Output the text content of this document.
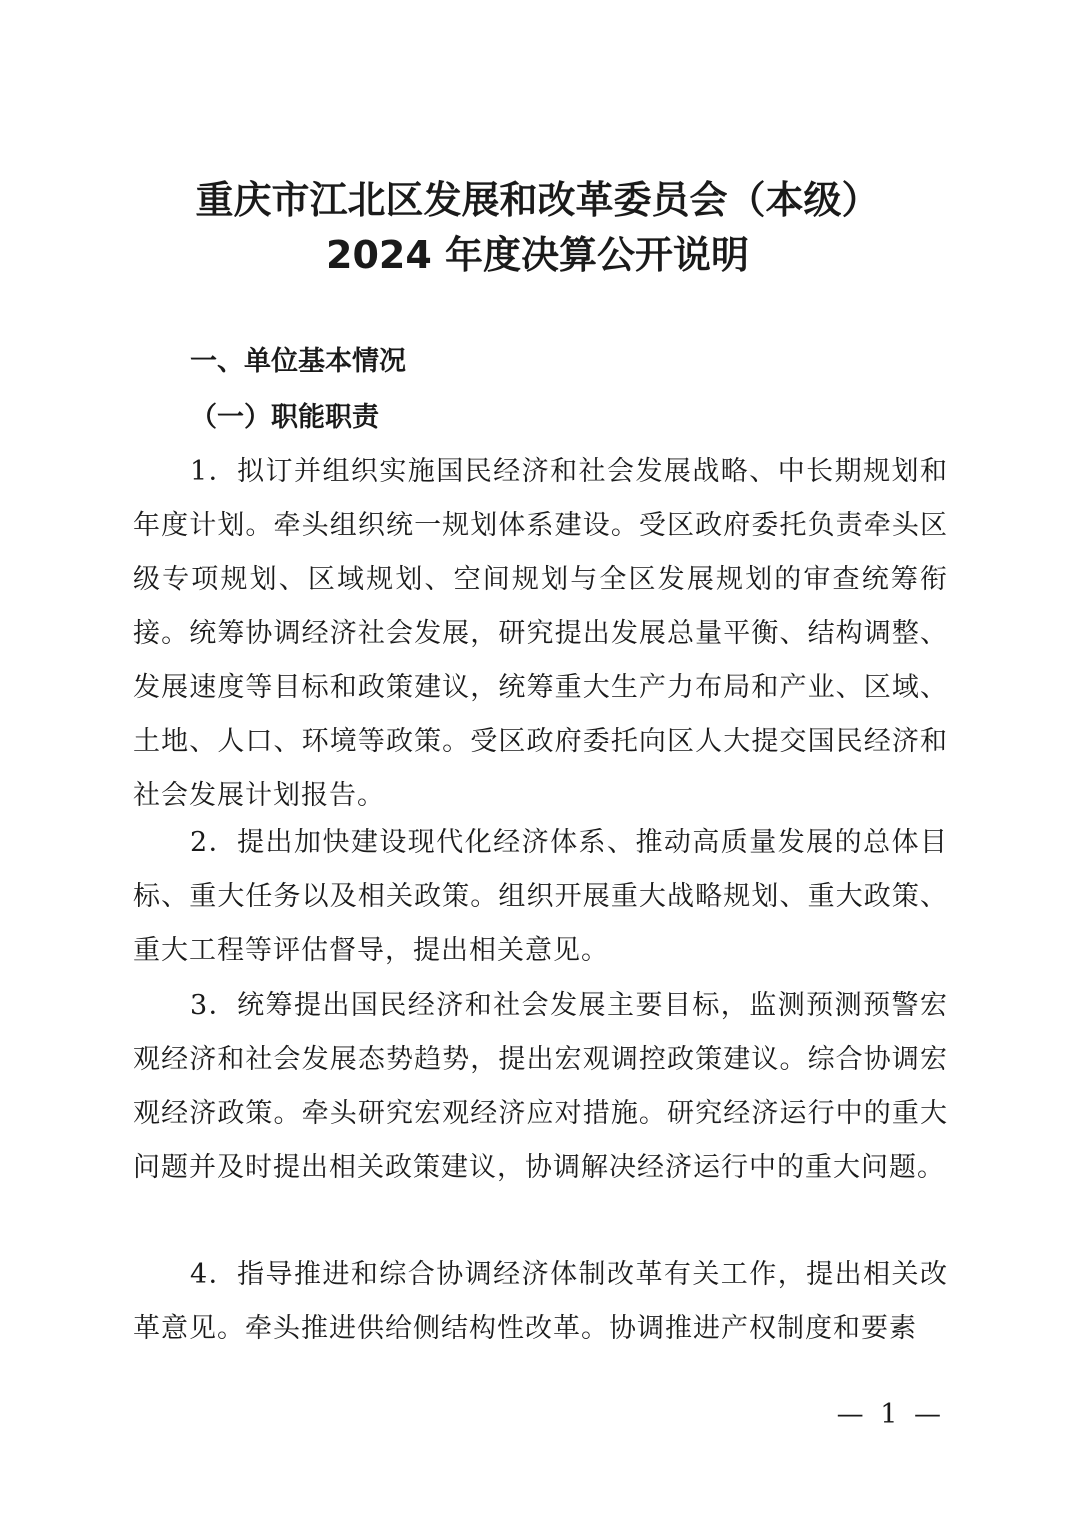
重庆市江北区发展和改革委员会（本级）
2024 年度决算公开说明
一、单位基本情况
（一）职能职责

1．拟订并组织实施国民经济和社会发展战略、中长期规划和年度计划。牵头组织统一规划体系建设。受区政府委托负责牵头区级专项规划、区域规划、空间规划与全区发展规划的审查统筹衔接。统筹协调经济社会发展，研究提出发展总量平衡、结构调整、发展速度等目标和政策建议，统筹重大生产力布局和产业、区域、土地、人口、环境等政策。受区政府委托向区人大提交国民经济和社会发展计划报告。

2．提出加快建设现代化经济体系、推动高质量发展的总体目标、重大任务以及相关政策。组织开展重大战略规划、重大政策、重大工程等评估督导，提出相关意见。

3．统筹提出国民经济和社会发展主要目标，监测预测预警宏观经济和社会发展态势趋势，提出宏观调控政策建议。综合协调宏观经济政策。牵头研究宏观经济应对措施。研究经济运行中的重大问题并及时提出相关政策建议，协调解决经济运行中的重大问题。

4．指导推进和综合协调经济体制改革有关工作，提出相关改革意见。牵头推进供给侧结构性改革。协调推进产权制度和要素

— 1 —
